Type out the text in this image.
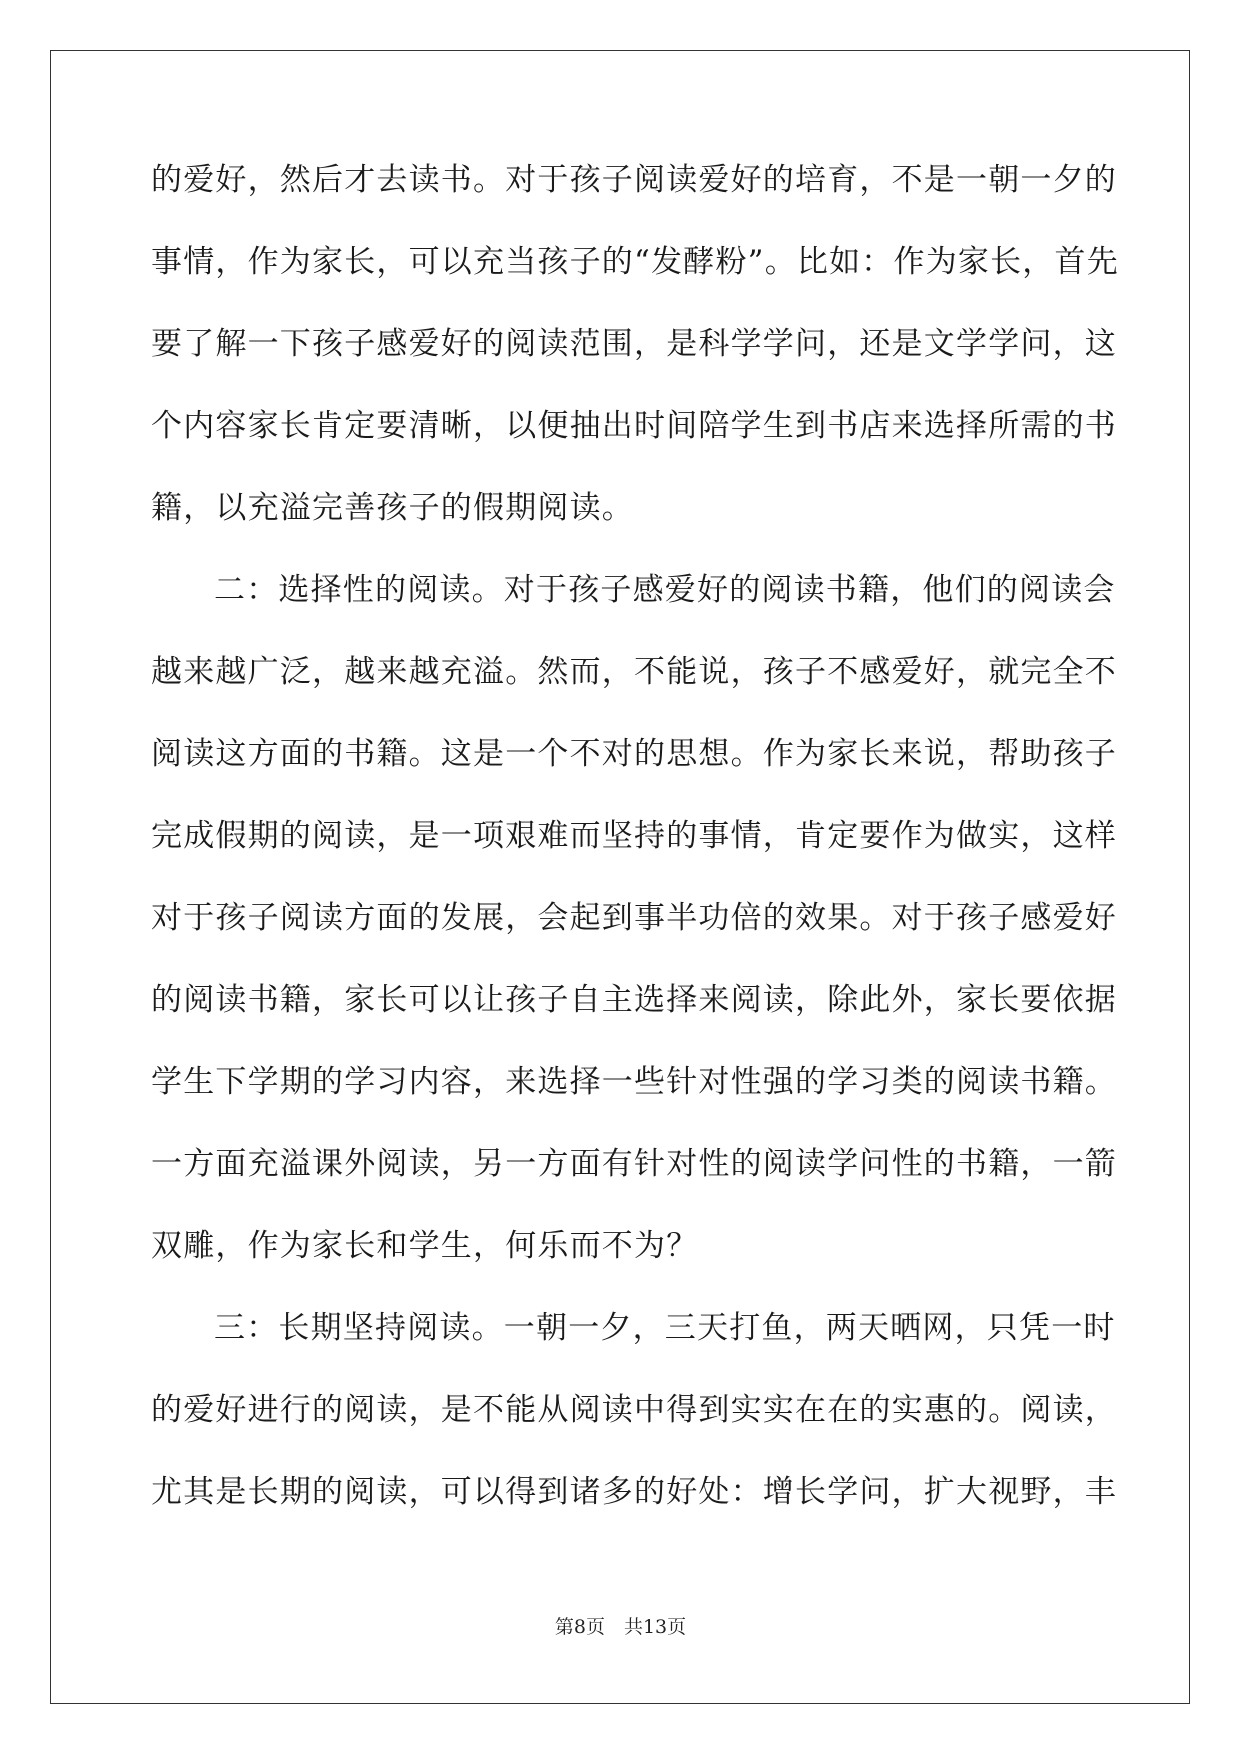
的爱好，然后才去读书。对于孩子阅读爱好的培育，不是一朝一夕的
事情，作为家长，可以充当孩子的“发酵粉”。比如：作为家长，首先
要了解一下孩子感爱好的阅读范围，是科学学问，还是文学学问，这
个内容家长肯定要清晰，以便抽出时间陪学生到书店来选择所需的书
籍，以充溢完善孩子的假期阅读。
二：选择性的阅读。对于孩子感爱好的阅读书籍，他们的阅读会
越来越广泛，越来越充溢。然而，不能说，孩子不感爱好，就完全不
阅读这方面的书籍。这是一个不对的思想。作为家长来说，帮助孩子
完成假期的阅读，是一项艰难而坚持的事情，肯定要作为做实，这样
对于孩子阅读方面的发展，会起到事半功倍的效果。对于孩子感爱好
的阅读书籍，家长可以让孩子自主选择来阅读，除此外，家长要依据
学生下学期的学习内容，来选择一些针对性强的学习类的阅读书籍。
一方面充溢课外阅读，另一方面有针对性的阅读学问性的书籍，一箭
双雕，作为家长和学生，何乐而不为？
三：长期坚持阅读。一朝一夕，三天打鱼，两天晒网，只凭一时
的爱好进行的阅读，是不能从阅读中得到实实在在的实惠的。阅读，
尤其是长期的阅读，可以得到诸多的好处：增长学问，扩大视野，丰
第8页　共13页
